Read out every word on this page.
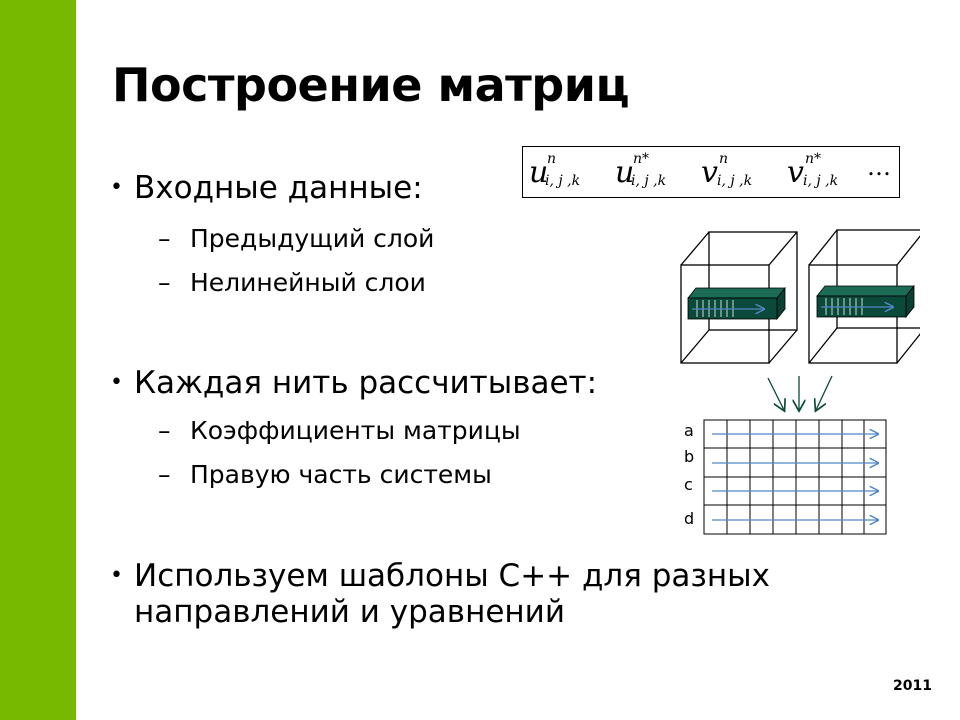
Построение матриц
• Входные данные:
– Предыдущий слой
– Нелинейный слои
• Каждая нить рассчитывает:
– Коэффициенты матрицы
– Правую часть системы
• Используем шаблоны C++ для разных направлений и уравнений
u
n
i, j ,k u
n*
i, j ,k v n
i, j ,k v n*
i, j ,k …
a
b
c
d
2011
